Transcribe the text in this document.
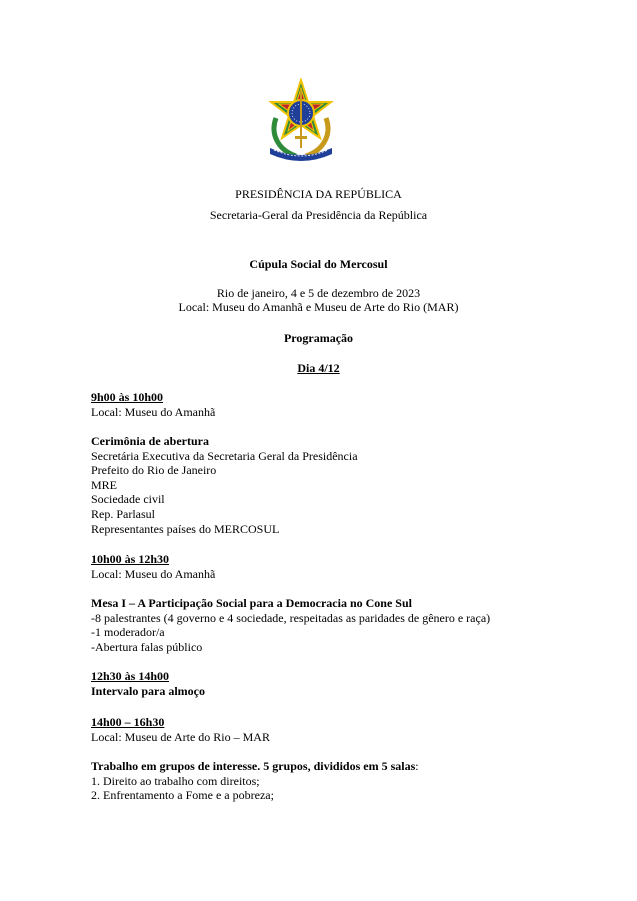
PRESIDÊNCIA DA REPÚBLICA
Secretaria-Geral da Presidência da República
Cúpula Social do Mercosul
Rio de janeiro, 4 e 5 de dezembro de 2023
Local: Museu do Amanhã e Museu de Arte do Rio (MAR)
Programação
Dia 4/12
9h00 às 10h00
Local: Museu do Amanhã
Cerimônia de abertura
Secretária Executiva da Secretaria Geral da Presidência
Prefeito do Rio de Janeiro
MRE
Sociedade civil
Rep. Parlasul
Representantes países do MERCOSUL
10h00 às 12h30
Local: Museu do Amanhã
Mesa I – A Participação Social para a Democracia no Cone Sul
-8 palestrantes (4 governo e 4 sociedade, respeitadas as paridades de gênero e raça)
-1 moderador/a
-Abertura falas público
12h30 às 14h00
Intervalo para almoço
14h00 – 16h30
Local: Museu de Arte do Rio – MAR
Trabalho em grupos de interesse. 5 grupos, divididos em 5 salas:
1. Direito ao trabalho com direitos;
2. Enfrentamento a Fome e a pobreza;
